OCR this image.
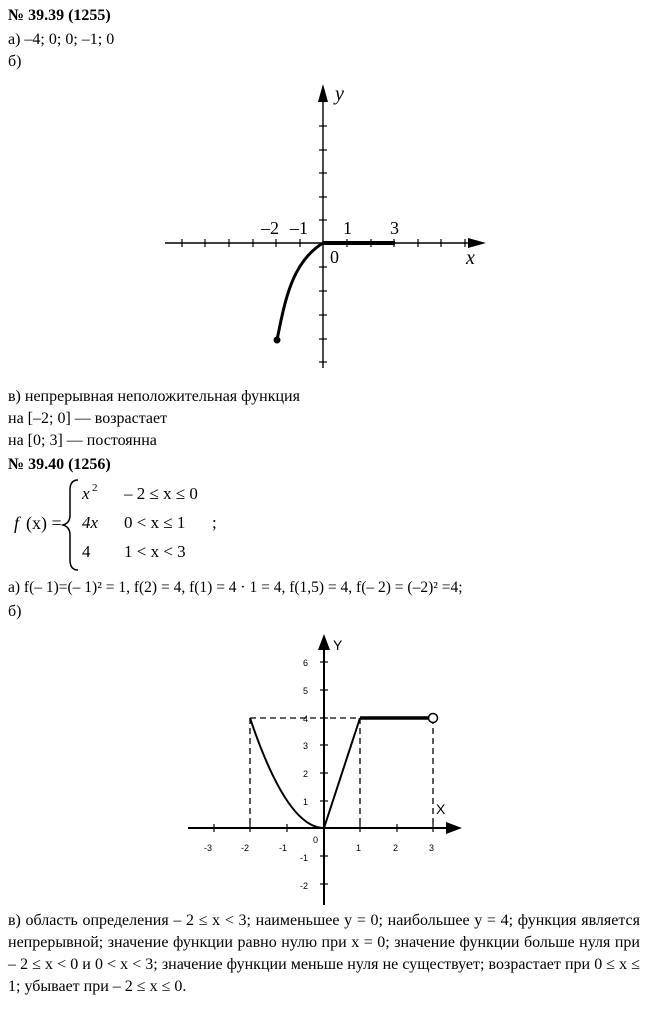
№ 39.39 (1255)
а) –4; 0; 0; –1; 0
б)
y
x
0
–2 –1 1 3
в) непрерывная неположительная функция
на [–2; 0] — возрастает
на [0; 3] — постоянна
№ 39.40 (1256)
f (x) =
x 2 – 2 ≤ x ≤ 0
4x 0 < x ≤ 1 ;
4 1 < x < 3
а) f(– 1)=(– 1)² = 1, f(2) = 4, f(1) = 4 · 1 = 4, f(1,5) = 4, f(– 2) = (–2)² =4;
б)
Y
X
-3	-2	-1
0
1	2	3
6
5
4
3
2
1
-1
-2
в) область определения – 2 ≤ x < 3; наименьшее y = 0; наибольшее y = 4; функция является непрерывной; значение функции равно нулю при x = 0; значение функции больше нуля при – 2 ≤ x < 0 и 0 < x < 3; значение функции меньше нуля не существует; возрастает при 0 ≤ x ≤ 1; убывает при – 2 ≤ x ≤ 0.
